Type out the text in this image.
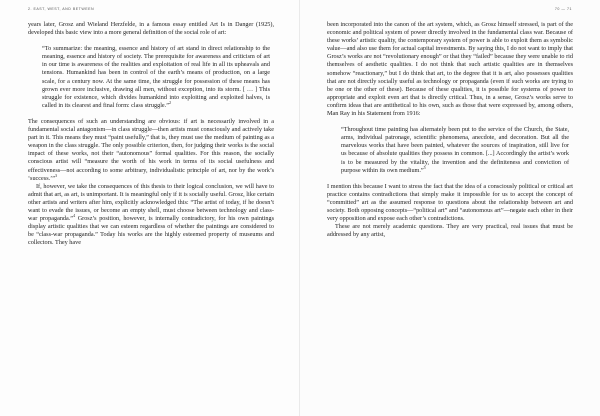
2. EAST, WEST, AND BETWEEN

years later, Grosz and Wieland Herzfelde, in a famous essay entitled Art Is in Danger (1925), developed this basic view into a more general definition of the social role of art:

“To summarize: the meaning, essence and history of art stand in direct relationship to the meaning, essence and history of society. The prerequisite for awareness and criticism of art in our time is awareness of the realities and exploitation of real life in all its upheavals and tensions. Humankind has been in control of the earth’s means of production, on a large scale, for a century now. At the same time, the struggle for possession of these means has grown ever more inclusive, drawing all men, without exception, into its storm. [ … ] This struggle for existence, which divides humankind into exploiting and exploited halves, is called in its clearest and final form: class struggle.”$^2$

The consequences of such an understanding are obvious: if art is necessarily involved in a fundamental social antagonism—in class struggle—then artists must consciously and actively take part in it. This means they must “paint usefully,” that is, they must use the medium of painting as a weapon in the class struggle. The only possible criterion, then, for judging their works is the social impact of these works, not their “autonomous” formal qualities. For this reason, the socially conscious artist will “measure the worth of his work in terms of its social usefulness and effectiveness—not according to some arbitrary, individualistic principle of art, nor by the work’s ‘success.’”$^3$

If, however, we take the consequences of this thesis to their logical conclusion, we will have to admit that art, as art, is unimportant. It is meaningful only if it is socially useful. Grosz, like certain other artists and writers after him, explicitly acknowledged this: “The artist of today, if he doesn’t want to evade the issues, or become an empty shell, must choose between technology and class-war propaganda.”$^4$ Grosz’s position, however, is internally contradictory, for his own paintings display artistic qualities that we can esteem regardless of whether the paintings are considered to be “class-war propaganda.” Today his works are the highly esteemed property of museums and collectors. They have

70 — 71

been incorporated into the canon of the art system, which, as Grosz himself stressed, is part of the economic and political system of power directly involved in the fundamental class war. Because of these works’ artistic quality, the contemporary system of power is able to exploit them as symbolic value—and also use them for actual capital investments. By saying this, I do not want to imply that Grosz’s works are not “revolutionary enough” or that they “failed” because they were unable to rid themselves of aesthetic qualities. I do not think that such artistic qualities are in themselves somehow “reactionary,” but I do think that art, to the degree that it is art, also possesses qualities that are not directly socially useful as technology or propaganda (even if such works are trying to be one or the other of these). Because of these qualities, it is possible for systems of power to appropriate and exploit even art that is directly critical. Thus, in a sense, Grosz’s works serve to confirm ideas that are antithetical to his own, such as those that were expressed by, among others, Man Ray in his Statement from 1916:

“Throughout time painting has alternately been put to the service of the Church, the State, arms, individual patronage, scientific phenomena, anecdote, and decoration. But all the marvelous works that have been painted, whatever the sources of inspiration, still live for us because of absolute qualities they possess in common. [...] Accordingly the artist’s work is to be measured by the vitality, the invention and the definiteness and conviction of purpose within its own medium.”$^5$

I mention this because I want to stress the fact that the idea of a consciously political or critical art practice contains contradictions that simply make it impossible for us to accept the concept of “committed” art as the assumed response to questions about the relationship between art and society. Both opposing concepts—“political art” and “autonomous art”—negate each other in their very opposition and expose each other’s contradictions.

These are not merely academic questions. They are very practical, real issues that must be addressed by any artist,
